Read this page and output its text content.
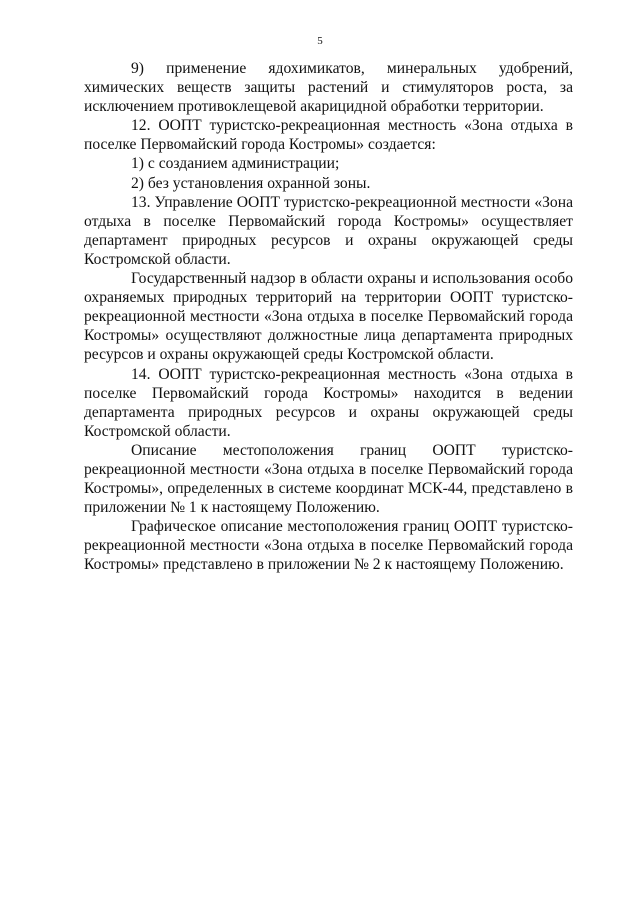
5

9) применение ядохимикатов, минеральных удобрений, химических веществ защиты растений и стимуляторов роста, за исключением противоклещевой акарицидной обработки территории.

12. ООПТ туристско-рекреационная местность «Зона отдыха в поселке Первомайский города Костромы» создается:

1) с созданием администрации;

2) без установления охранной зоны.

13. Управление ООПТ туристско-рекреационной местности «Зона отдыха в поселке Первомайский города Костромы» осуществляет департамент природных ресурсов и охраны окружающей среды Костромской области.

Государственный надзор в области охраны и использования особо охраняемых природных территорий на территории ООПТ туристско-рекреационной местности «Зона отдыха в поселке Первомайский города Костромы» осуществляют должностные лица департамента природных ресурсов и охраны окружающей среды Костромской области.

14. ООПТ туристско-рекреационная местность «Зона отдыха в поселке Первомайский города Костромы» находится в ведении департамента природных ресурсов и охраны окружающей среды Костромской области.

Описание местоположения границ ООПТ туристско-рекреационной местности «Зона отдыха в поселке Первомайский города Костромы», определенных в системе координат МСК-44, представлено в приложении № 1 к настоящему Положению.

Графическое описание местоположения границ ООПТ туристско-рекреационной местности «Зона отдыха в поселке Первомайский города Костромы» представлено в приложении № 2 к настоящему Положению.
